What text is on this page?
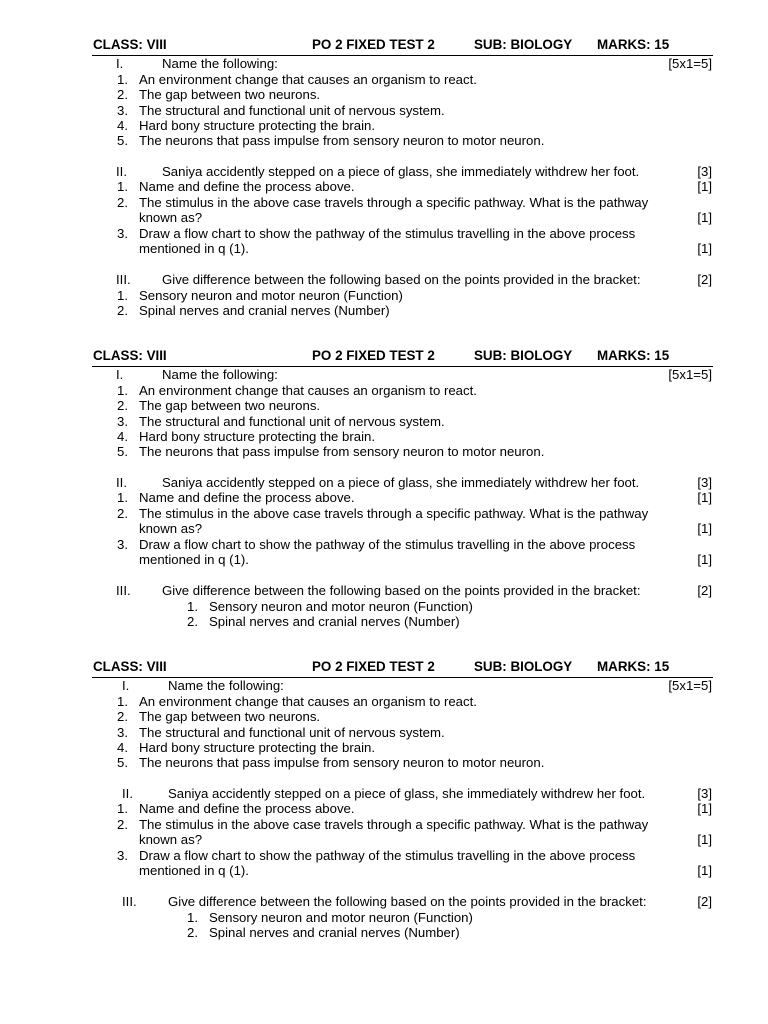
CLASS: VIII	PO 2 FIXED TEST 2	SUB: BIOLOGY MARKS: 15
I.	Name the following:	[5x1=5]
1. An environment change that causes an organism to react.
2. The gap between two neurons.
3. The structural and functional unit of nervous system.
4. Hard bony structure protecting the brain.
5. The neurons that pass impulse from sensory neuron to motor neuron.
II.	Saniya accidently stepped on a piece of glass, she immediately withdrew her foot.	[3]
1. Name and define the process above.	[1]
2. The stimulus in the above case travels through a specific pathway. What is the pathway
known as?	[1]
3. Draw a flow chart to show the pathway of the stimulus travelling in the above process
mentioned in q (1).	[1]
III. Give difference between the following based on the points provided in the bracket:	[2]
1. Sensory neuron and motor neuron (Function)
2. Spinal nerves and cranial nerves (Number)
CLASS: VIII	PO 2 FIXED TEST 2	SUB: BIOLOGY MARKS: 15
I.	Name the following:	[5x1=5]
1. An environment change that causes an organism to react.
2. The gap between two neurons.
3. The structural and functional unit of nervous system.
4. Hard bony structure protecting the brain.
5. The neurons that pass impulse from sensory neuron to motor neuron.
II.	Saniya accidently stepped on a piece of glass, she immediately withdrew her foot.	[3]
1. Name and define the process above.	[1]
2. The stimulus in the above case travels through a specific pathway. What is the pathway
known as?	[1]
3. Draw a flow chart to show the pathway of the stimulus travelling in the above process
mentioned in q (1).	[1]
III. Give difference between the following based on the points provided in the bracket:	[2]
1. Sensory neuron and motor neuron (Function)
2. Spinal nerves and cranial nerves (Number)
CLASS: VIII	PO 2 FIXED TEST 2	SUB: BIOLOGY MARKS: 15
I.	Name the following:	[5x1=5]
1. An environment change that causes an organism to react.
2. The gap between two neurons.
3. The structural and functional unit of nervous system.
4. Hard bony structure protecting the brain.
5. The neurons that pass impulse from sensory neuron to motor neuron.
II.	Saniya accidently stepped on a piece of glass, she immediately withdrew her foot.	[3]
1. Name and define the process above.	[1]
2. The stimulus in the above case travels through a specific pathway. What is the pathway
known as?	[1]
3. Draw a flow chart to show the pathway of the stimulus travelling in the above process
mentioned in q (1).	[1]
III. Give difference between the following based on the points provided in the bracket:	[2]
1. Sensory neuron and motor neuron (Function)
2. Spinal nerves and cranial nerves (Number)
